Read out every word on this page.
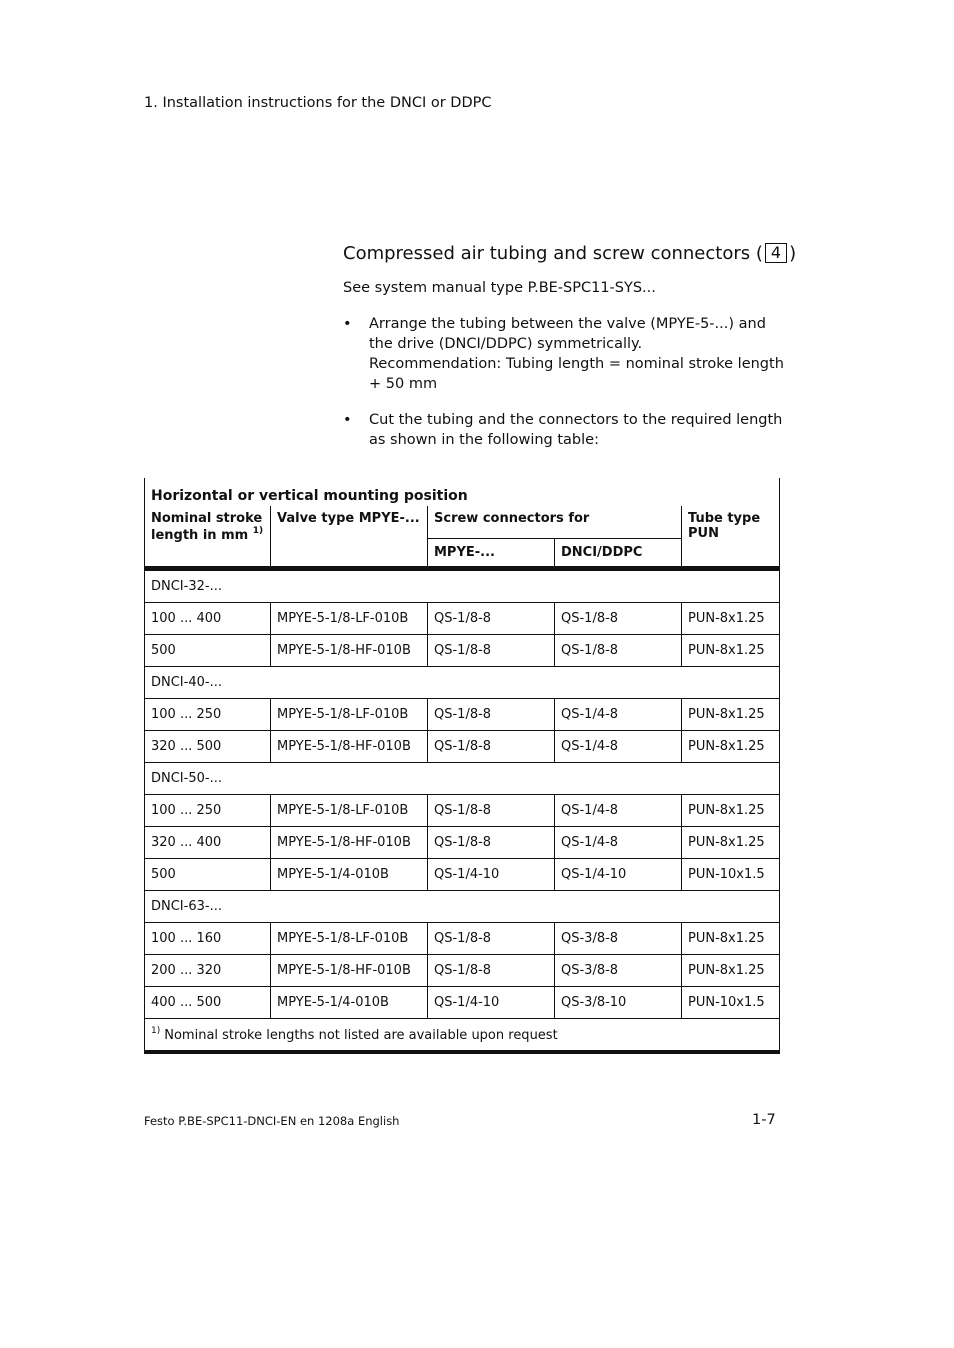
1. Installation instructions for the DNCI or DDPC
Compressed air tubing and screw connectors ( 4 )
See system manual type P.BE-SPC11-SYS...
• Arrange the tubing between the valve (MPYE-5-...) and the drive (DNCI/DDPC) symmetrically.
Recommendation: Tubing length = nominal stroke length + 50 mm
• Cut the tubing and the connectors to the required length as shown in the following table:
Horizontal or vertical mounting position				
Nominal stroke length in mm $^{1)}$	Valve type MPYE-...	Screw connectors for		Tube type PUN
		MPYE-...	DNCI/DDPC	
DNCI-32-...				
100 ... 400	MPYE-5-1/8-LF-010B	QS-1/8-8	QS-1/8-8	PUN-8x1.25
500	MPYE-5-1/8-HF-010B	QS-1/8-8	QS-1/8-8	PUN-8x1.25
DNCI-40-...				
100 ... 250	MPYE-5-1/8-LF-010B	QS-1/8-8	QS-1/4-8	PUN-8x1.25
320 ... 500	MPYE-5-1/8-HF-010B	QS-1/8-8	QS-1/4-8	PUN-8x1.25
DNCI-50-...				
100 ... 250	MPYE-5-1/8-LF-010B	QS-1/8-8	QS-1/4-8	PUN-8x1.25
320 ... 400	MPYE-5-1/8-HF-010B	QS-1/8-8	QS-1/4-8	PUN-8x1.25
500	MPYE-5-1/4-010B	QS-1/4-10	QS-1/4-10	PUN-10x1.5
DNCI-63-...				
100 ... 160	MPYE-5-1/8-LF-010B	QS-1/8-8	QS-3/8-8	PUN-8x1.25
200 ... 320	MPYE-5-1/8-HF-010B	QS-1/8-8	QS-3/8-8	PUN-8x1.25
400 ... 500	MPYE-5-1/4-010B	QS-1/4-10	QS-3/8-10	PUN-10x1.5
$^{1)}$ Nominal stroke lengths not listed are available upon request				
Festo P.BE-SPC11-DNCI-EN en 1208a English	1-7
